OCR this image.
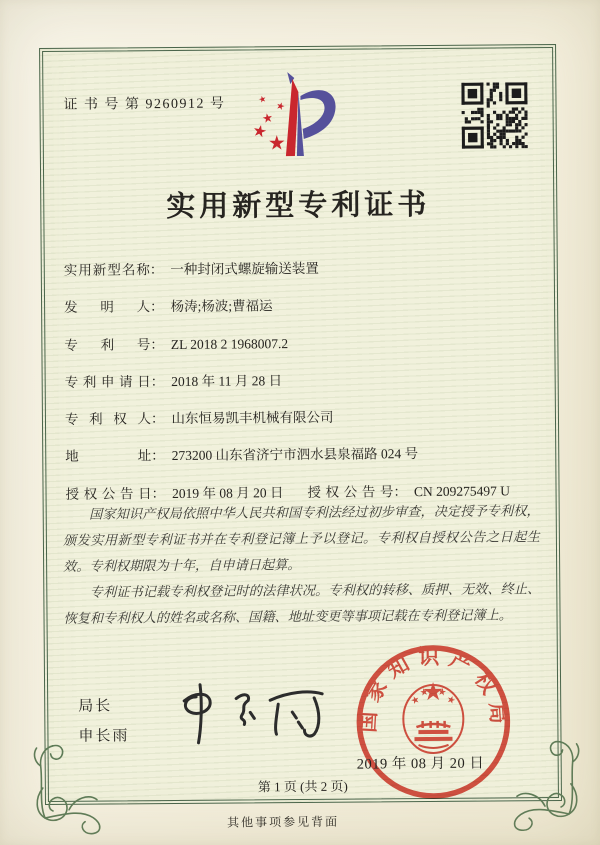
证 书 号 第 9260912 号
实用新型专利证书
实用新型名称： 一种封闭式螺旋输送装置
发明人： 杨涛;杨波;曹福运
专利号： ZL 2018 2 1968007.2
专利申请日： 2018 年 11 月 28 日
专利权人： 山东恒易凯丰机械有限公司
地址： 273200 山东省济宁市泗水县泉福路 024 号
授权公告日： 2019 年 08 月 20 日 授权公告号： CN 209275497 U

国家知识产权局依照中华人民共和国专利法经过初步审查，决定授予专利权，颁发实用新型专利证书并在专利登记簿上予以登记。专利权自授权公告之日起生效。专利权期限为十年，自申请日起算。

专利证书记载专利权登记时的法律状况。专利权的转移、质押、无效、终止、恢复和专利权人的姓名或名称、国籍、地址变更等事项记载在专利登记簿上。

局长
申长雨
国家知识产权局
2019 年 08 月 20 日
第 1 页 (共 2 页)
其他事项参见背面
